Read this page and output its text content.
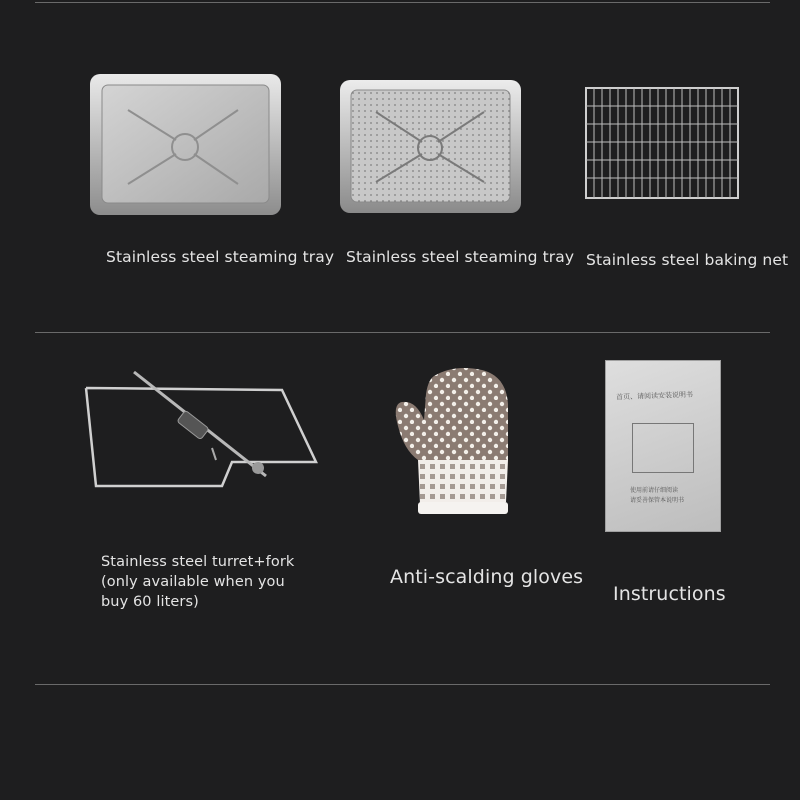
Stainless steel steaming tray Stainless steel steaming tray Stainless steel baking net
Stainless steel turret+fork
(only available when you
buy 60 liters)
Anti-scalding gloves
首页、请阅读安装说明书
使用前请仔细阅读
请妥善保管本说明书
Instructions
